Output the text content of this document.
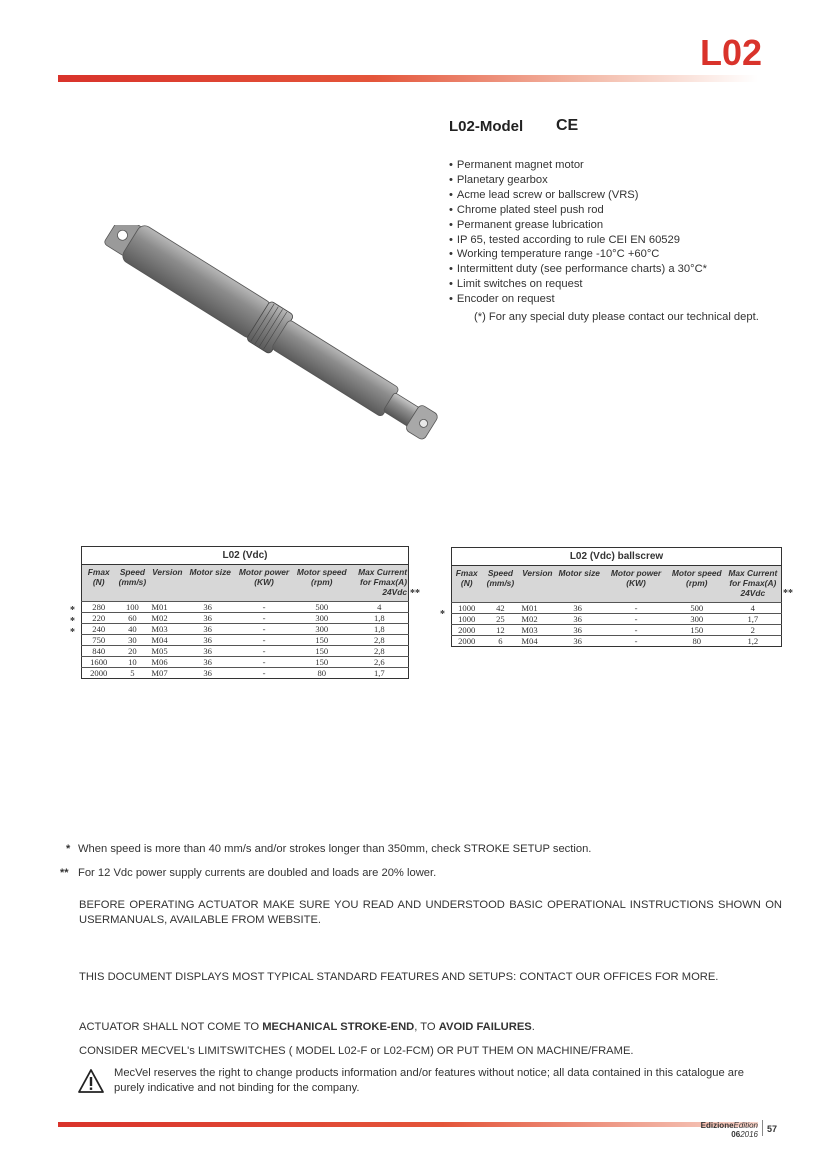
L02
L02-Model CE
• Permanent magnet motor
• Planetary gearbox
• Acme lead screw or ballscrew (VRS)
• Chrome plated steel push rod
• Permanent grease lubrication
• IP 65, tested according to rule CEI EN 60529
• Working temperature range -10°C +60°C
• Intermittent duty (see performance charts) a 30°C*
• Limit switches on request
• Encoder on request
(*) For any special duty please contact our technical dept.
L02 (Vdc)						
Fmax (N)	Speed (mm/s)	Version	Motor size	Motor power (KW)	Motor speed (rpm)	Max Current for Fmax(A) 24Vdc
280	100	M01	36	-	500	4
220	60	M02	36	-	300	1,8
240	40	M03	36	-	300	1,8
750	30	M04	36	-	150	2,8
840	20	M05	36	-	150	2,8
1600	10	M06	36	-	150	2,6
2000	5	M07	36	-	80	1,7
*
*
*
**
L02 (Vdc) ballscrew						
Fmax (N)	Speed (mm/s)	Version	Motor size	Motor power (KW)	Motor speed (rpm)	Max Current for Fmax(A) 24Vdc
1000	42	M01	36	-	500	4
1000	25	M02	36	-	300	1,7
2000	12	M03	36	-	150	2
2000	6	M04	36	-	80	1,2
*
**
* When speed is more than 40 mm/s and/or strokes longer than 350mm, check STROKE SETUP section.
** For 12 Vdc power supply currents are doubled and loads are 20% lower.
BEFORE OPERATING ACTUATOR MAKE SURE YOU READ AND UNDERSTOOD BASIC OPERATIONAL INSTRUCTIONS SHOWN ON USERMANUALS, AVAILABLE FROM WEBSITE.
THIS DOCUMENT DISPLAYS MOST TYPICAL STANDARD FEATURES AND SETUPS: CONTACT OUR OFFICES FOR MORE.
ACTUATOR SHALL NOT COME TO MECHANICAL STROKE-END, TO AVOID FAILURES.
CONSIDER MECVEL's LIMITSWITCHES ( MODEL L02-F or L02-FCM) OR PUT THEM ON MACHINE/FRAME.
MecVel reserves the right to change products information and/or features without notice; all data contained in this catalogue are purely indicative and not binding for the company.
EdizioneEdition
062016
57
